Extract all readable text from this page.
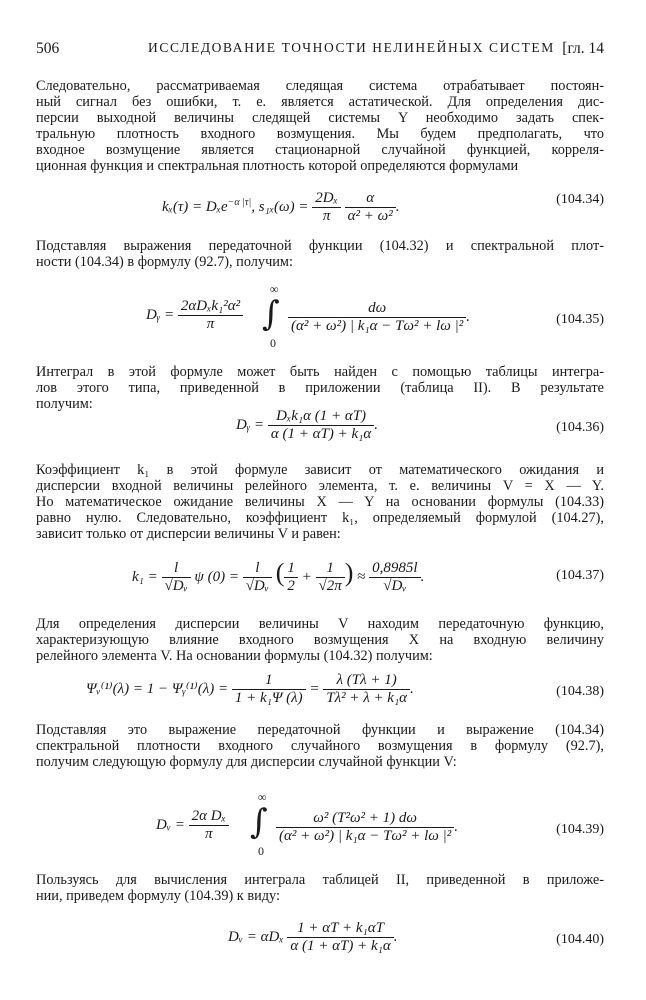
506	ИССЛЕДОВАНИЕ ТОЧНОСТИ НЕЛИНЕЙНЫХ СИСТЕМ [гл. 14
Следовательно, рассматриваемая следящая система отрабатывает постоян-
ный сигнал без ошибки, т. е. является астатической. Для определения дис-
персии выходной величины следящей системы Y необходимо задать спек-
тральную плотность входного возмущения. Мы будем предполагать, что
входное возмущение является стационарной случайной функцией, корреля-
ционная функция и спектральная плотность которой определяются формулами
kₓ(τ) = Dₓe$^{-\alpha |\tau|}$, $s_{1x}(\omega) = \frac{\text{2Dₓ}}{\pi}$
$\frac{\alpha}{\text{α² + ω²}}$ .	(104.34)
Подставляя выражения передаточной функции (104.32) и спектральной плот-
ности (104.34) в формулу (92.7), получим:
Dᵧ = $\frac{\text{2αDₓk₁²α²}}{\pi}$ ∫
∞
0
$\frac{d\omega}{\text{(α² + ω²) | k₁α − Tω² + lω |²}}$ .	(104.35)
Интеграл в этой формуле может быть найден с помощью таблицы интегра-
лов этого типа, приведенной в приложении (таблица II). В результате
получим:
Dᵧ = $\frac{\text{Dₓk₁α (1 + αT)}}{\text{α (1 + αT) + k₁α}}$ .	(104.36)
Коэффициент k₁ в этой формуле зависит от математического ожидания и
дисперсии входной величины релейного элемента, т. е. величины V = X — Y.
Но математическое ожидание величины X — Y на основании формулы (104.33)
равно нулю. Следовательно, коэффициент k₁, определяемый формулой (104.27),
зависит только от дисперсии величины V и равен:
$k_1 = \frac{l}{\text{√Dᵥ}}$ ψ $(0) = \frac{l}{\text{√Dᵥ}}$ ( $\frac{1}{2} + \frac{1}{√2\pi}$ ) ≈ $\frac{0,8985l}{\text{√Dᵥ}}$ .	(104.37)
Для определения дисперсии величины V находим передаточную функцию,
характеризующую влияние входного возмущения X на входную величину
релейного элемента V. На основании формулы (104.32) получим:
Ψᵥ⁽¹⁾(λ) = 1 − Ψᵧ⁽¹⁾(λ) = $\frac{1}{\text{1 + k₁Ψ (λ)}} = \frac{\lambda (T\lambda + 1)}{\text{Tλ² + λ + k₁α}}$ .	(104.38)
Подставляя это выражение передаточной функции и выражение (104.34)
спектральной плотности входного случайного возмущения в формулу (92.7),
получим следующую формулу для дисперсии случайной функции V:
Dᵥ = $\frac{\text{2α Dₓ}}{\pi}$ ∫
∞
0
$\frac{\text{ω² (T²ω² + 1) dω}}{\text{(α² + ω²) | k₁α − Tω² + lω |²}}$ .	(104.39)
Пользуясь для вычисления интеграла таблицей II, приведенной в приложе-
нии, приведем формулу (104.39) к виду:
Dᵥ = αDₓ $\frac{\text{1 + αT + k₁αT}}{\text{α (1 + αT) + k₁α}}$ .	(104.40)
